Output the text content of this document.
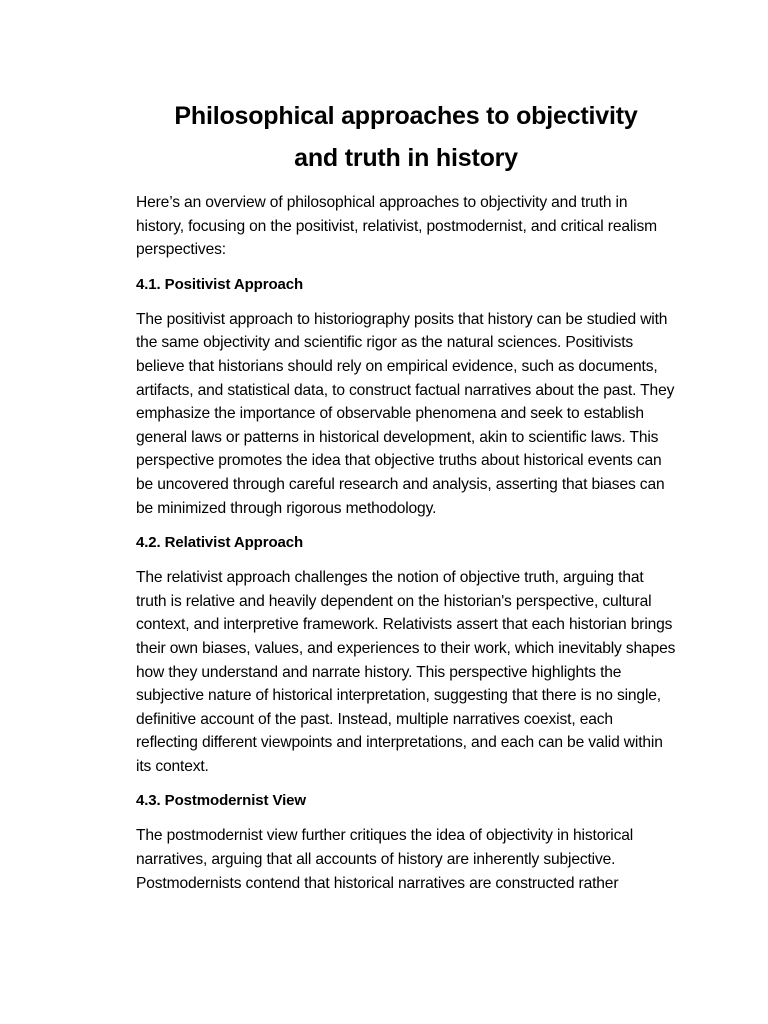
Philosophical approaches to objectivity
and truth in history

Here’s an overview of philosophical approaches to objectivity and truth in history, focusing on the positivist, relativist, postmodernist, and critical realism perspectives:

4.1. Positivist Approach

The positivist approach to historiography posits that history can be studied with the same objectivity and scientific rigor as the natural sciences. Positivists believe that historians should rely on empirical evidence, such as documents, artifacts, and statistical data, to construct factual narratives about the past. They emphasize the importance of observable phenomena and seek to establish general laws or patterns in historical development, akin to scientific laws. This perspective promotes the idea that objective truths about historical events can be uncovered through careful research and analysis, asserting that biases can be minimized through rigorous methodology.

4.2. Relativist Approach

The relativist approach challenges the notion of objective truth, arguing that truth is relative and heavily dependent on the historian's perspective, cultural context, and interpretive framework. Relativists assert that each historian brings their own biases, values, and experiences to their work, which inevitably shapes how they understand and narrate history. This perspective highlights the subjective nature of historical interpretation, suggesting that there is no single, definitive account of the past. Instead, multiple narratives coexist, each reflecting different viewpoints and interpretations, and each can be valid within its context.

4.3. Postmodernist View

The postmodernist view further critiques the idea of objectivity in historical narratives, arguing that all accounts of history are inherently subjective. Postmodernists contend that historical narratives are constructed rather
